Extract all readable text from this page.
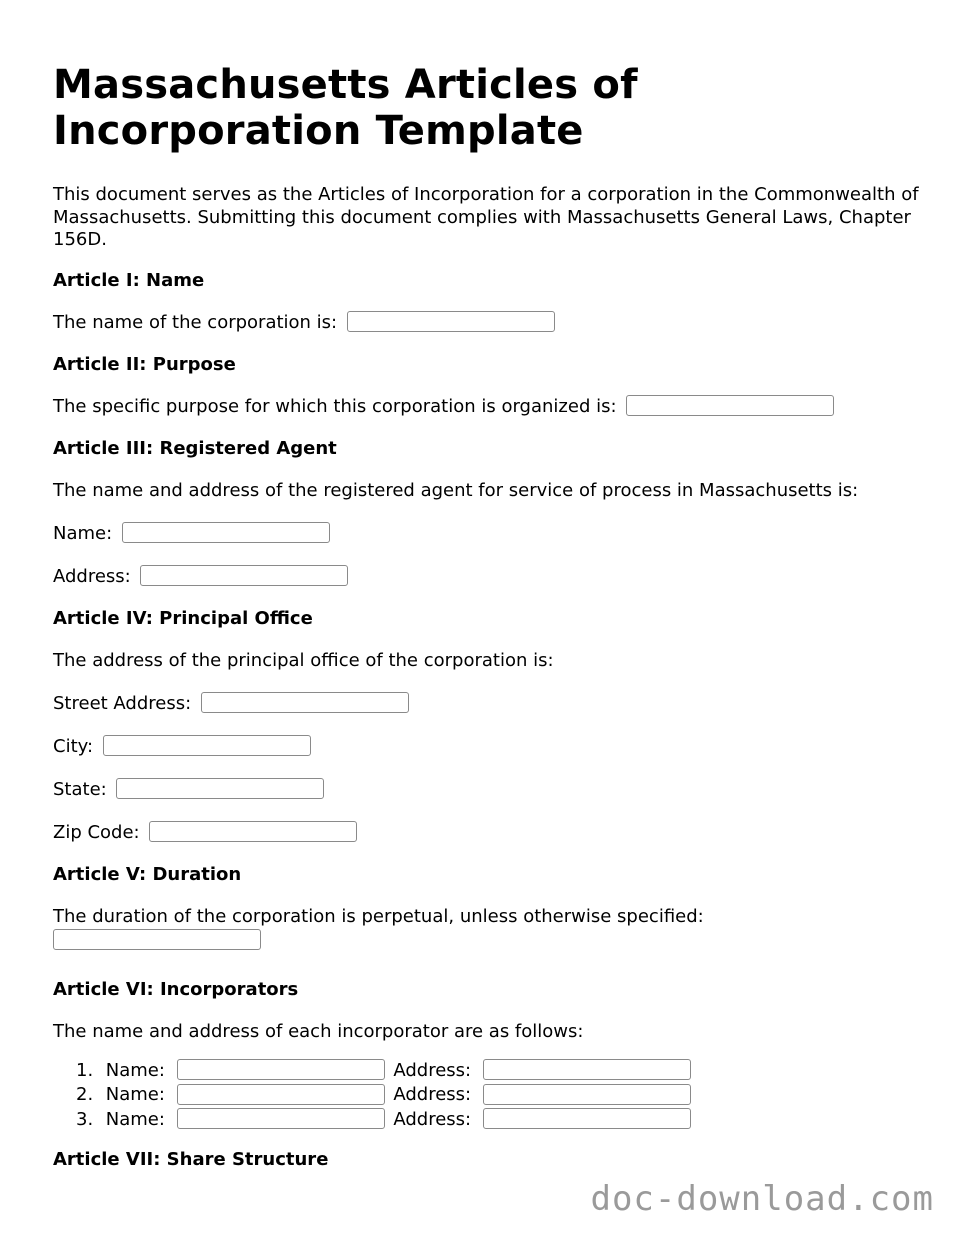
Massachusetts Articles of Incorporation Template

This document serves as the Articles of Incorporation for a corporation in the Commonwealth of Massachusetts. Submitting this document complies with Massachusetts General Laws, Chapter 156D.

Article I: Name
The name of the corporation is:
Article II: Purpose
The specific purpose for which this corporation is organized is:
Article III: Registered Agent
The name and address of the registered agent for service of process in Massachusetts is:
Name:
Address:
Article IV: Principal Office
The address of the principal office of the corporation is:
Street Address:
City:
State:
Zip Code:
Article V: Duration
The duration of the corporation is perpetual, unless otherwise specified:
Article VI: Incorporators
The name and address of each incorporator are as follows:
1. Name:	Address:
2. Name:	Address:
3. Name:	Address:
Article VII: Share Structure
doc-download.com
